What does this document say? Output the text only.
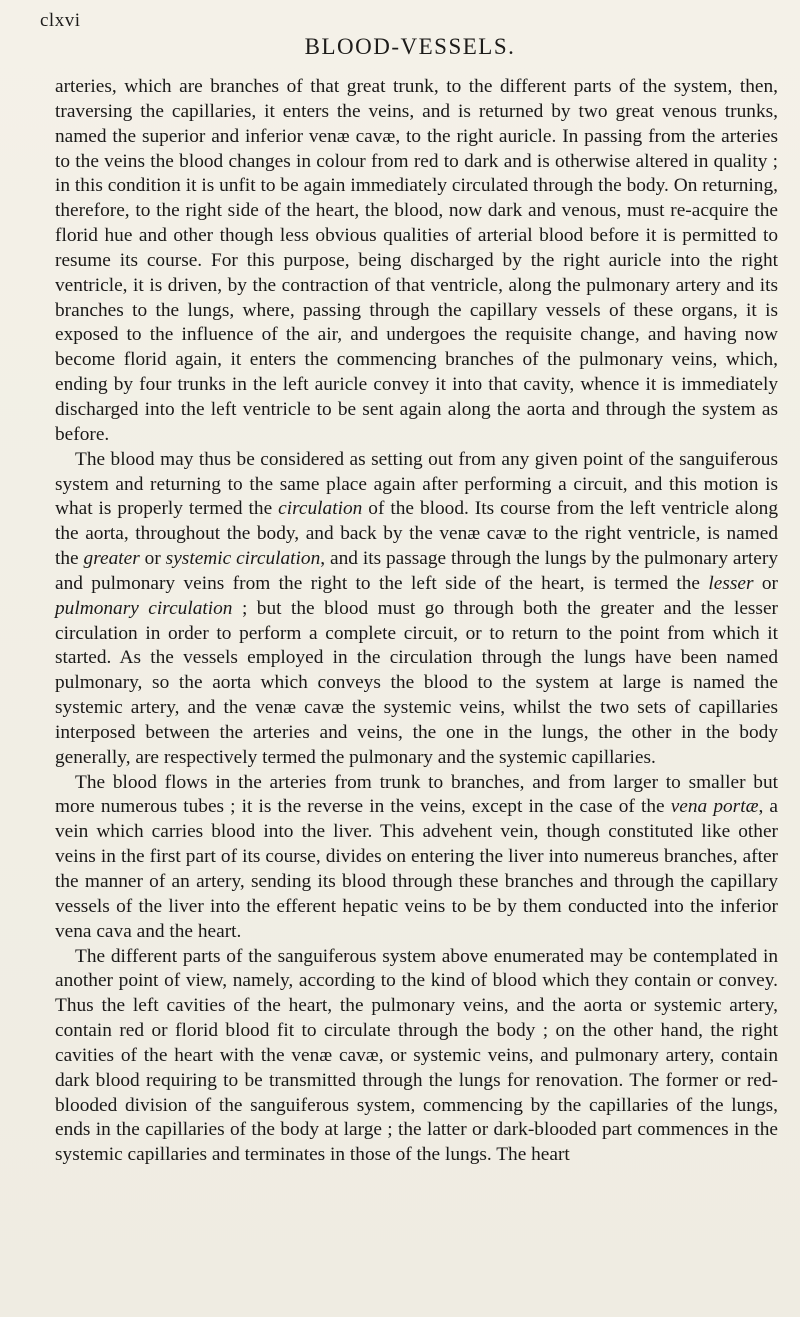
clxvi
BLOOD-VESSELS.

arteries, which are branches of that great trunk, to the different parts of the system, then, traversing the capillaries, it enters the veins, and is returned by two great venous trunks, named the superior and inferior venæ cavæ, to the right auricle. In passing from the arteries to the veins the blood changes in colour from red to dark and is otherwise altered in quality ; in this condition it is unfit to be again immediately circulated through the body. On returning, therefore, to the right side of the heart, the blood, now dark and venous, must re-acquire the florid hue and other though less obvious qualities of arterial blood before it is permitted to resume its course. For this purpose, being discharged by the right auricle into the right ventricle, it is driven, by the contraction of that ventricle, along the pulmonary artery and its branches to the lungs, where, passing through the capillary vessels of these organs, it is exposed to the influence of the air, and undergoes the requisite change, and having now become florid again, it enters the commencing branches of the pulmonary veins, which, ending by four trunks in the left auricle convey it into that cavity, whence it is immediately discharged into the left ventricle to be sent again along the aorta and through the system as before.

The blood may thus be considered as setting out from any given point of the sanguiferous system and returning to the same place again after performing a circuit, and this motion is what is properly termed the circulation of the blood. Its course from the left ventricle along the aorta, throughout the body, and back by the venæ cavæ to the right ventricle, is named the greater or systemic circulation, and its passage through the lungs by the pulmonary artery and pulmonary veins from the right to the left side of the heart, is termed the lesser or pulmonary circulation ; but the blood must go through both the greater and the lesser circulation in order to perform a complete circuit, or to return to the point from which it started. As the vessels employed in the circulation through the lungs have been named pulmonary, so the aorta which conveys the blood to the system at large is named the systemic artery, and the venæ cavæ the systemic veins, whilst the two sets of capillaries interposed between the arteries and veins, the one in the lungs, the other in the body generally, are respectively termed the pulmonary and the systemic capillaries.

The blood flows in the arteries from trunk to branches, and from larger to smaller but more numerous tubes ; it is the reverse in the veins, except in the case of the vena portæ, a vein which carries blood into the liver. This advehent vein, though constituted like other veins in the first part of its course, divides on entering the liver into numereus branches, after the manner of an artery, sending its blood through these branches and through the capillary vessels of the liver into the efferent hepatic veins to be by them conducted into the inferior vena cava and the heart.

The different parts of the sanguiferous system above enumerated may be contemplated in another point of view, namely, according to the kind of blood which they contain or convey. Thus the left cavities of the heart, the pulmonary veins, and the aorta or systemic artery, contain red or florid blood fit to circulate through the body ; on the other hand, the right cavities of the heart with the venæ cavæ, or systemic veins, and pulmonary artery, contain dark blood requiring to be transmitted through the lungs for renovation. The former or red-blooded division of the sanguiferous system, commencing by the capillaries of the lungs, ends in the capillaries of the body at large ; the latter or dark-blooded part commences in the systemic capillaries and terminates in those of the lungs. The heart
